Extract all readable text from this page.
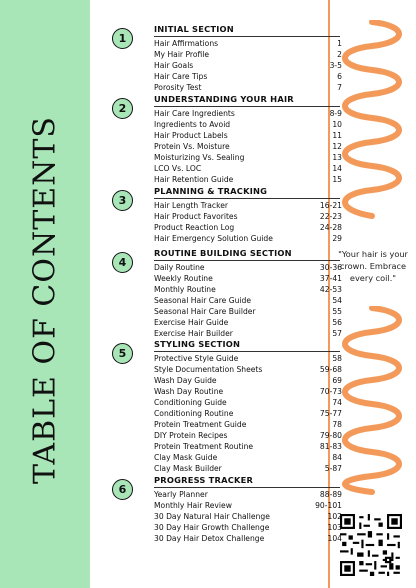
TABLE OF CONTENTS	"Your hair is your crown. Embrace every coil."
1
INITIAL SECTION
Hair Affirmations	1
My Hair Profile	2
Hair Goals	3-5
Hair Care Tips	6
Porosity Test	7
2
UNDERSTANDING YOUR HAIR
Hair Care Ingredients	8-9
Ingredients to Avoid	10
Hair Product Labels	11
Protein Vs. Moisture	12
Moisturizing Vs. Sealing	13
LCO Vs. LOC	14
Hair Retention Guide	15
3
PLANNING & TRACKING
Hair Length Tracker	16-21
Hair Product Favorites	22-23
Product Reaction Log	24-28
Hair Emergency Solution Guide	29
4
ROUTINE BUILDING SECTION
Daily Routine	30-36
Weekly Routine	37-41
Monthly Routine	42-53
Seasonal Hair Care Guide	54
Seasonal Hair Care Builder	55
Exercise Hair Guide	56
Exercise Hair Builder	57
5
STYLING SECTION
Protective Style Guide	58
Style Documentation Sheets	59-68
Wash Day Guide	69
Wash Day Routine	70-73
Conditioning Guide	74
Conditioning Routine	75-77
Protein Treatment Guide	78
DIY Protein Recipes	79-80
Protein Treatment Routine	81-83
Clay Mask Guide	84
Clay Mask Builder	5-87
6
PROGRESS TRACKER
Yearly Planner	88-89
Monthly Hair Review	90-101
30 Day Natural Hair Challenge	102
30 Day Hair Growth Challenge	103
30 Day Hair Detox Challenge	104
